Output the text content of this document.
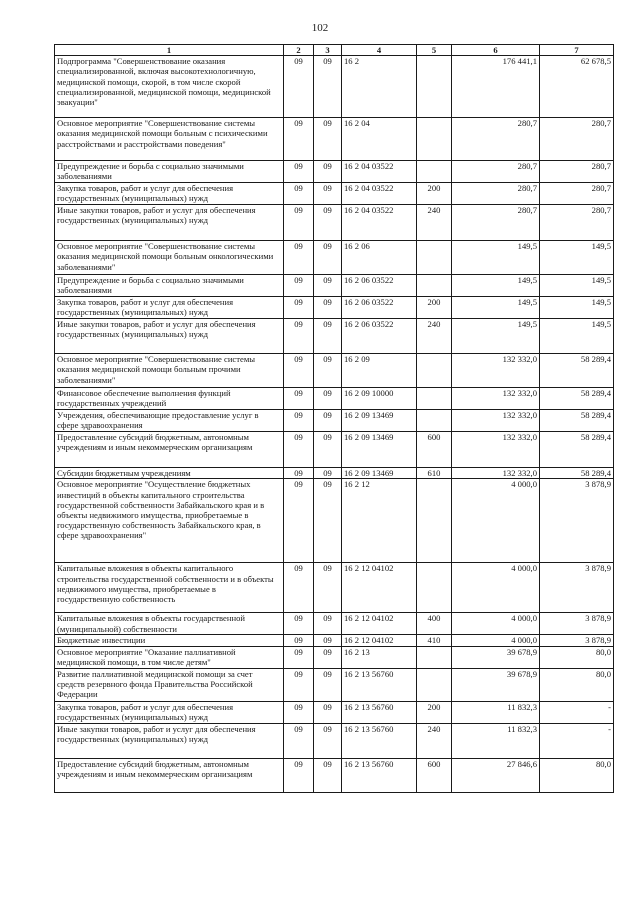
102
1	2	3	4	5	6	7
Подпрограмма "Совершенствование оказания специализированной, включая высокотехнологичную, медицинской помощи, скорой, в том числе скорой специализированной, медицинской помощи, медицинской эвакуации"	09	09	16 2		176 441,1	62 678,5
Основное мероприятие "Совершенствование системы оказания медицинской помощи больным с психическими расстройствами и расстройствами поведения"	09	09	16 2 04		280,7	280,7
Предупреждение и борьба с социально значимыми заболеваниями	09	09	16 2 04 03522		280,7	280,7
Закупка товаров, работ и услуг для обеспечения государственных (муниципальных) нужд	09	09	16 2 04 03522	200	280,7	280,7
Иные закупки товаров, работ и услуг для обеспечения государственных (муниципальных) нужд	09	09	16 2 04 03522	240	280,7	280,7
Основное мероприятие "Совершенствование системы оказания медицинской помощи больным онкологическими заболеваниями"	09	09	16 2 06		149,5	149,5
Предупреждение и борьба с социально значимыми заболеваниями	09	09	16 2 06 03522		149,5	149,5
Закупка товаров, работ и услуг для обеспечения государственных (муниципальных) нужд	09	09	16 2 06 03522	200	149,5	149,5
Иные закупки товаров, работ и услуг для обеспечения государственных (муниципальных) нужд	09	09	16 2 06 03522	240	149,5	149,5
Основное мероприятие "Совершенствование системы оказания медицинской помощи больным прочими заболеваниями"	09	09	16 2 09		132 332,0	58 289,4
Финансовое обеспечение выполнения функций государственных учреждений	09	09	16 2 09 10000		132 332,0	58 289,4
Учреждения, обеспечивающие предоставление услуг в сфере здравоохранения	09	09	16 2 09 13469		132 332,0	58 289,4
Предоставление субсидий бюджетным, автономным учреждениям и иным некоммерческим организациям	09	09	16 2 09 13469	600	132 332,0	58 289,4
Субсидии бюджетным учреждениям	09	09	16 2 09 13469	610	132 332,0	58 289,4
Основное мероприятие "Осуществление бюджетных инвестиций в объекты капитального строительства государственной собственности Забайкальского края и в объекты недвижимого имущества, приобретаемые в государственную собственность Забайкальского края, в сфере здравоохранения"	09	09	16 2 12		4 000,0	3 878,9
Капитальные вложения в объекты капитального строительства государственной собственности и в объекты недвижимого имущества, приобретаемые в государственную собственность	09	09	16 2 12 04102		4 000,0	3 878,9
Капитальные вложения в объекты государственной (муниципальной) собственности	09	09	16 2 12 04102	400	4 000,0	3 878,9
Бюджетные инвестиции	09	09	16 2 12 04102	410	4 000,0	3 878,9
Основное мероприятие "Оказание паллиативной медицинской помощи, в том числе детям"	09	09	16 2 13		39 678,9	80,0
Развитие паллиативной медицинской помощи за счет средств резервного фонда Правительства Российской Федерации	09	09	16 2 13 56760		39 678,9	80,0
Закупка товаров, работ и услуг для обеспечения государственных (муниципальных) нужд	09	09	16 2 13 56760	200	11 832,3	-
Иные закупки товаров, работ и услуг для обеспечения государственных (муниципальных) нужд	09	09	16 2 13 56760	240	11 832,3	-
Предоставление субсидий бюджетным, автономным учреждениям и иным некоммерческим организациям	09	09	16 2 13 56760	600	27 846,6	80,0
